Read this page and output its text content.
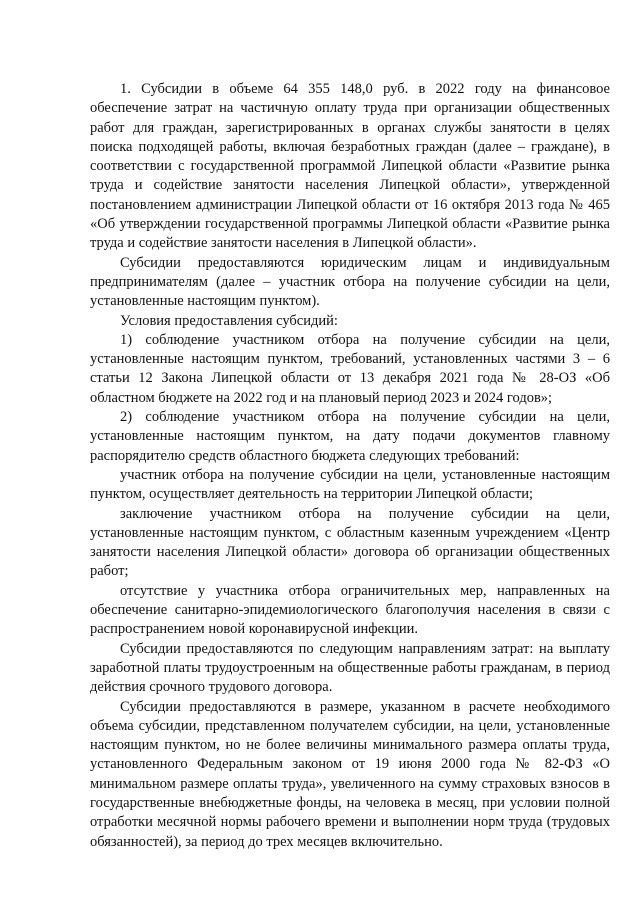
1. Субсидии в объеме 64 355 148,0 руб. в 2022 году на финансовое обеспечение затрат на частичную оплату труда при организации общественных работ для граждан, зарегистрированных в органах службы занятости в целях поиска подходящей работы, включая безработных граждан (далее – граждане), в соответствии с государственной программой Липецкой области «Развитие рынка труда и содействие занятости населения Липецкой области», утвержденной постановлением администрации Липецкой области от 16 октября 2013 года № 465 «Об утверждении государственной программы Липецкой области «Развитие рынка труда и содействие занятости населения в Липецкой области».

Субсидии предоставляются юридическим лицам и индивидуальным предпринимателям (далее – участник отбора на получение субсидии на цели, установленные настоящим пунктом).

Условия предоставления субсидий:

1) соблюдение участником отбора на получение субсидии на цели, установленные настоящим пунктом, требований, установленных частями 3 – 6 статьи 12 Закона Липецкой области от 13 декабря 2021 года № 28-ОЗ «Об областном бюджете на 2022 год и на плановый период 2023 и 2024 годов»;

2) соблюдение участником отбора на получение субсидии на цели, установленные настоящим пунктом, на дату подачи документов главному распорядителю средств областного бюджета следующих требований:

участник отбора на получение субсидии на цели, установленные настоящим пунктом, осуществляет деятельность на территории Липецкой области;

заключение участником отбора на получение субсидии на цели, установленные настоящим пунктом, с областным казенным учреждением «Центр занятости населения Липецкой области» договора об организации общественных работ;

отсутствие у участника отбора ограничительных мер, направленных на обеспечение санитарно-эпидемиологического благополучия населения в связи с распространением новой коронавирусной инфекции.

Субсидии предоставляются по следующим направлениям затрат: на выплату заработной платы трудоустроенным на общественные работы гражданам, в период действия срочного трудового договора.

Субсидии предоставляются в размере, указанном в расчете необходимого объема субсидии, представленном получателем субсидии, на цели, установленные настоящим пунктом, но не более величины минимального размера оплаты труда, установленного Федеральным законом от 19 июня 2000 года № 82-ФЗ «О минимальном размере оплаты труда», увеличенного на сумму страховых взносов в государственные внебюджетные фонды, на человека в месяц, при условии полной отработки месячной нормы рабочего времени и выполнении норм труда (трудовых обязанностей), за период до трех месяцев включительно.
